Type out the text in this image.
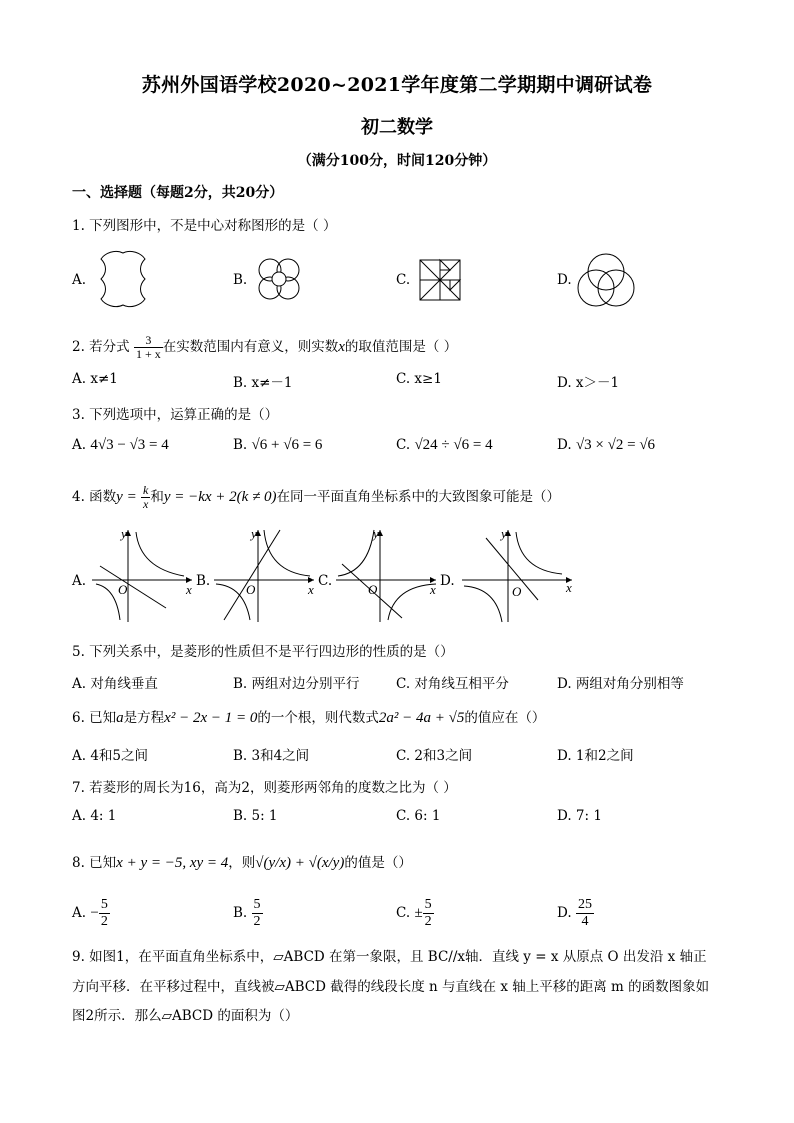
苏州外国语学校2020~2021学年度第二学期期中调研试卷
初二数学
（满分100分，时间120分钟）
一、选择题（每题2分，共20分）
1. 下列图形中，不是中心对称图形的是（ ）
A.	B.	C.	D.
2. 若分式 $\frac{3}{1 + x}$ 在实数范围内有意义，则实数x的取值范围是（ ）
A. x≠1	B. x≠－1	C. x≥1	D. x＞－1
3. 下列选项中，运算正确的是（）
A. 4√3 − √3 = 4	B. √6 + √6 = 6	C. √24 ÷ √6 = 4	D. √3 × √2 = √6
4. 函数$y = \frac{k}{x}$ 和y = −kx + 2(k ≠ 0)在同一平面直角坐标系中的大致图象可能是（）
A.
y
x
O
B.
y
x
O
C.
y
x
O
D.
y
x
O
5. 下列关系中，是菱形的性质但不是平行四边形的性质的是（）
A. 对角线垂直	B. 两组对边分别平行	C. 对角线互相平分	D. 两组对角分别相等
6. 已知a是方程x² − 2x − 1 = 0的一个根，则代数式2a² − 4a + √5的值应在（）
A. 4和5之间	B. 3和4之间	C. 2和3之间	D. 1和2之间
7. 若菱形的周长为16，高为2，则菱形两邻角的度数之比为（ ）
A. 4: 1	B. 5: 1	C. 6: 1	D. 7: 1
8. 已知x + y = −5, xy = 4，则√(y/x) + √(x/y)的值是（）
A. − $\frac{5}{2}$	B. $\frac{5}{2}$	C. ± $\frac{5}{2}$	D. $\frac{25}{4}$
9. 如图1，在平面直角坐标系中，▱ABCD 在第一象限，且 BC//x轴．直线 y = x 从原点 O 出发沿 x 轴正
方向平移．在平移过程中，直线被▱ABCD 截得的线段长度 n 与直线在 x 轴上平移的距离 m 的函数图象如
图2所示．那么▱ABCD 的面积为（）
